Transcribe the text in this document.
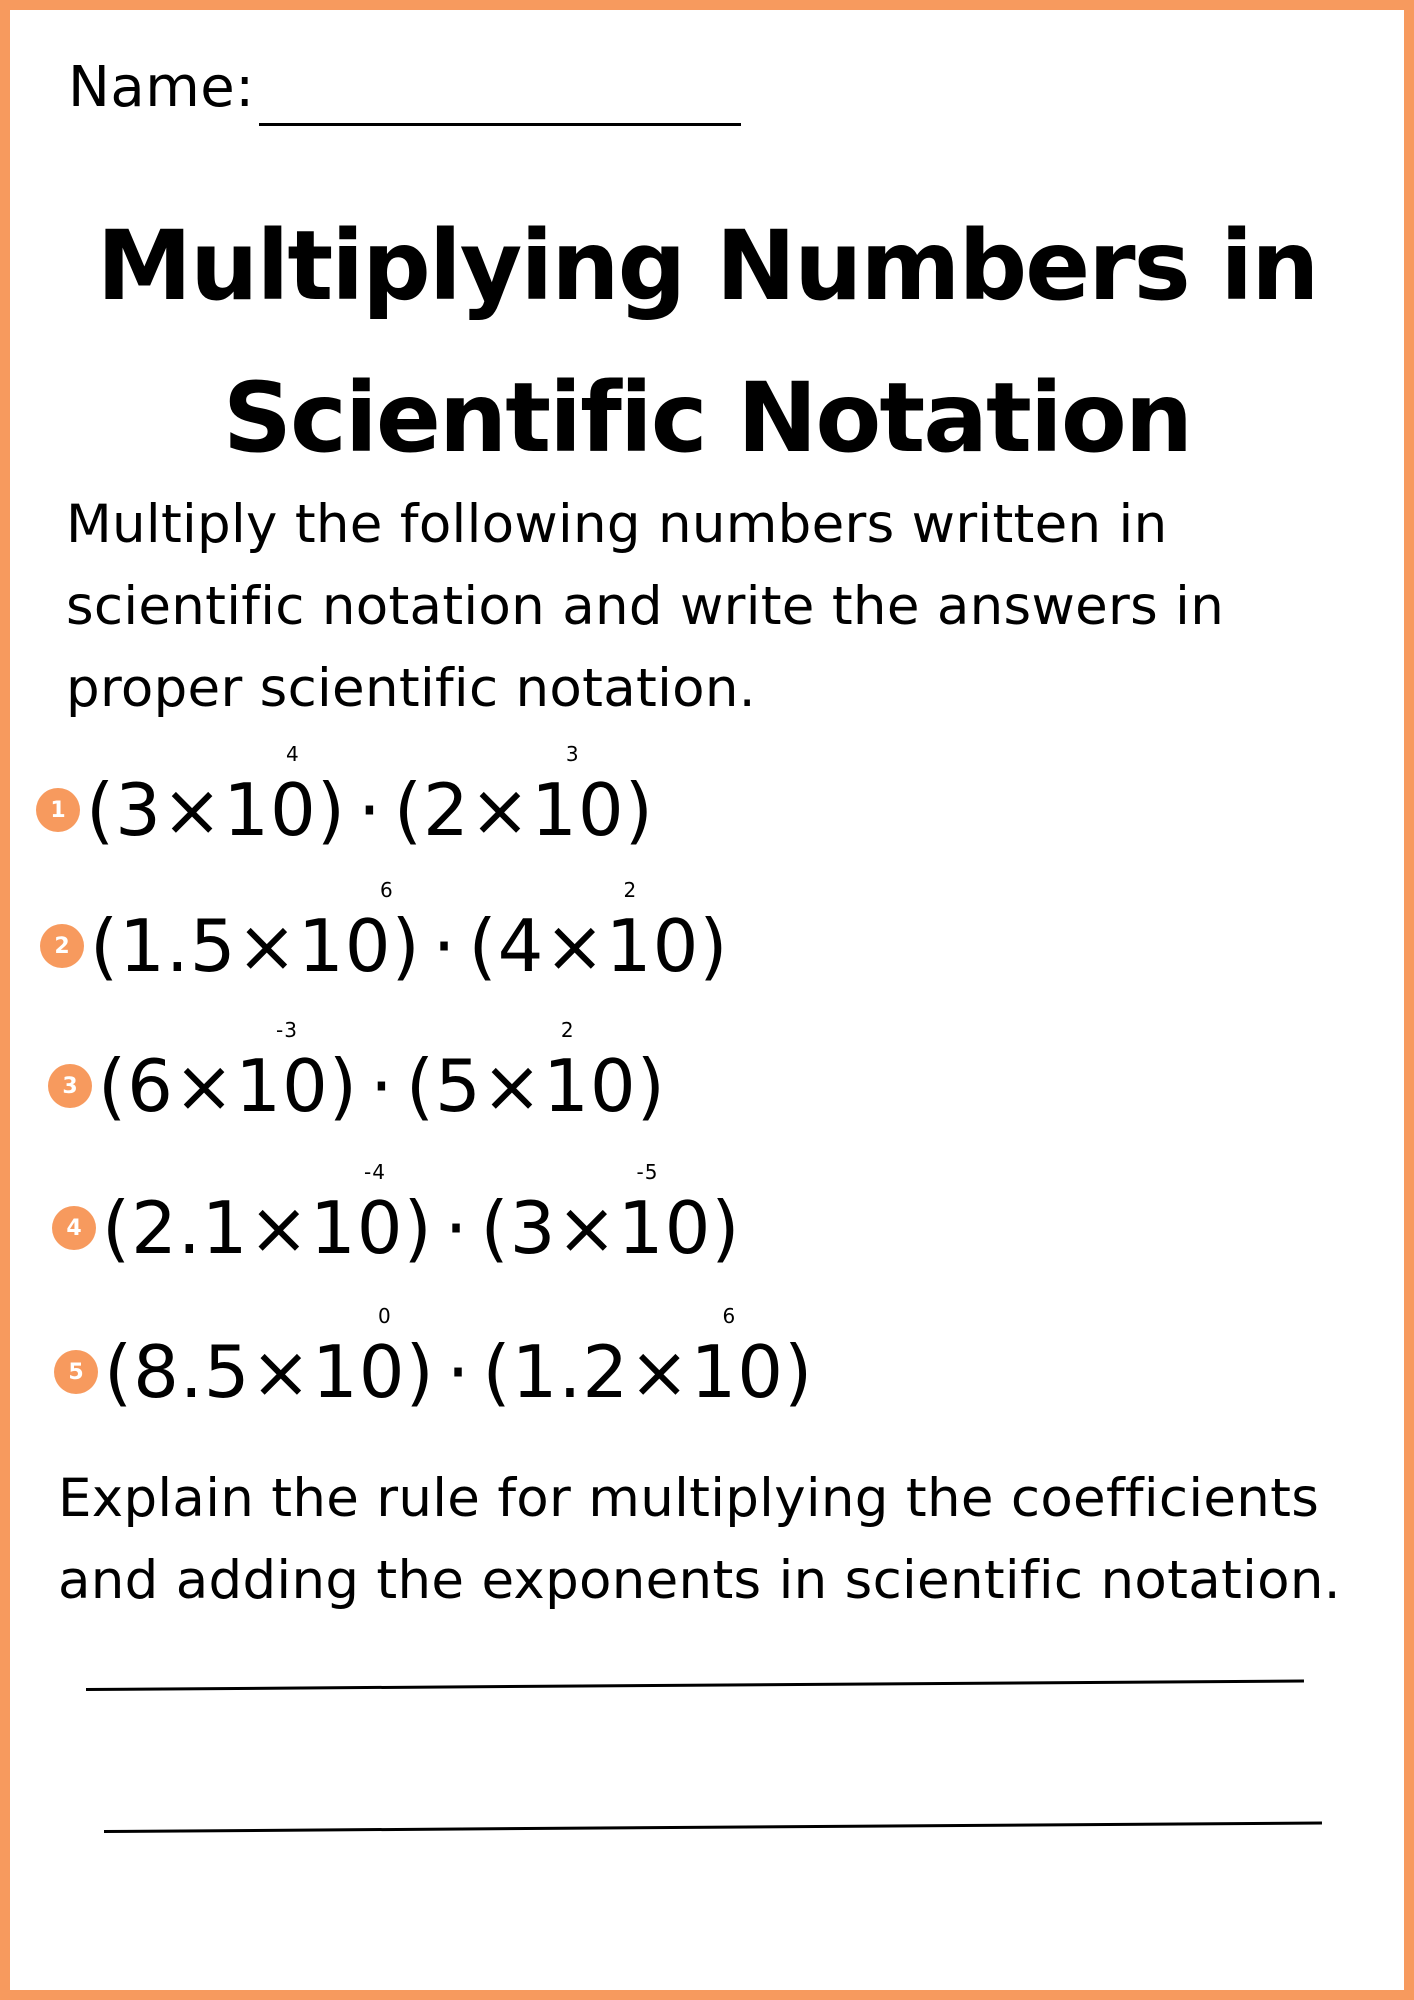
Name:
Multiplying Numbers in
Scientific Notation
Multiply the following numbers written in scientific notation and write the answers in proper scientific notation.
1 (3×10)
4
· (2×10)
3
2 (1.5×10)
6
· (4×10)
2
3 (6×10)
-3
· (5×10)
2
4 (2.1×10)
-4
· (3×10)
-5
5 (8.5×10)
0
· (1.2×10)
6
Explain the rule for multiplying the coefficients and adding the exponents in scientific notation.
